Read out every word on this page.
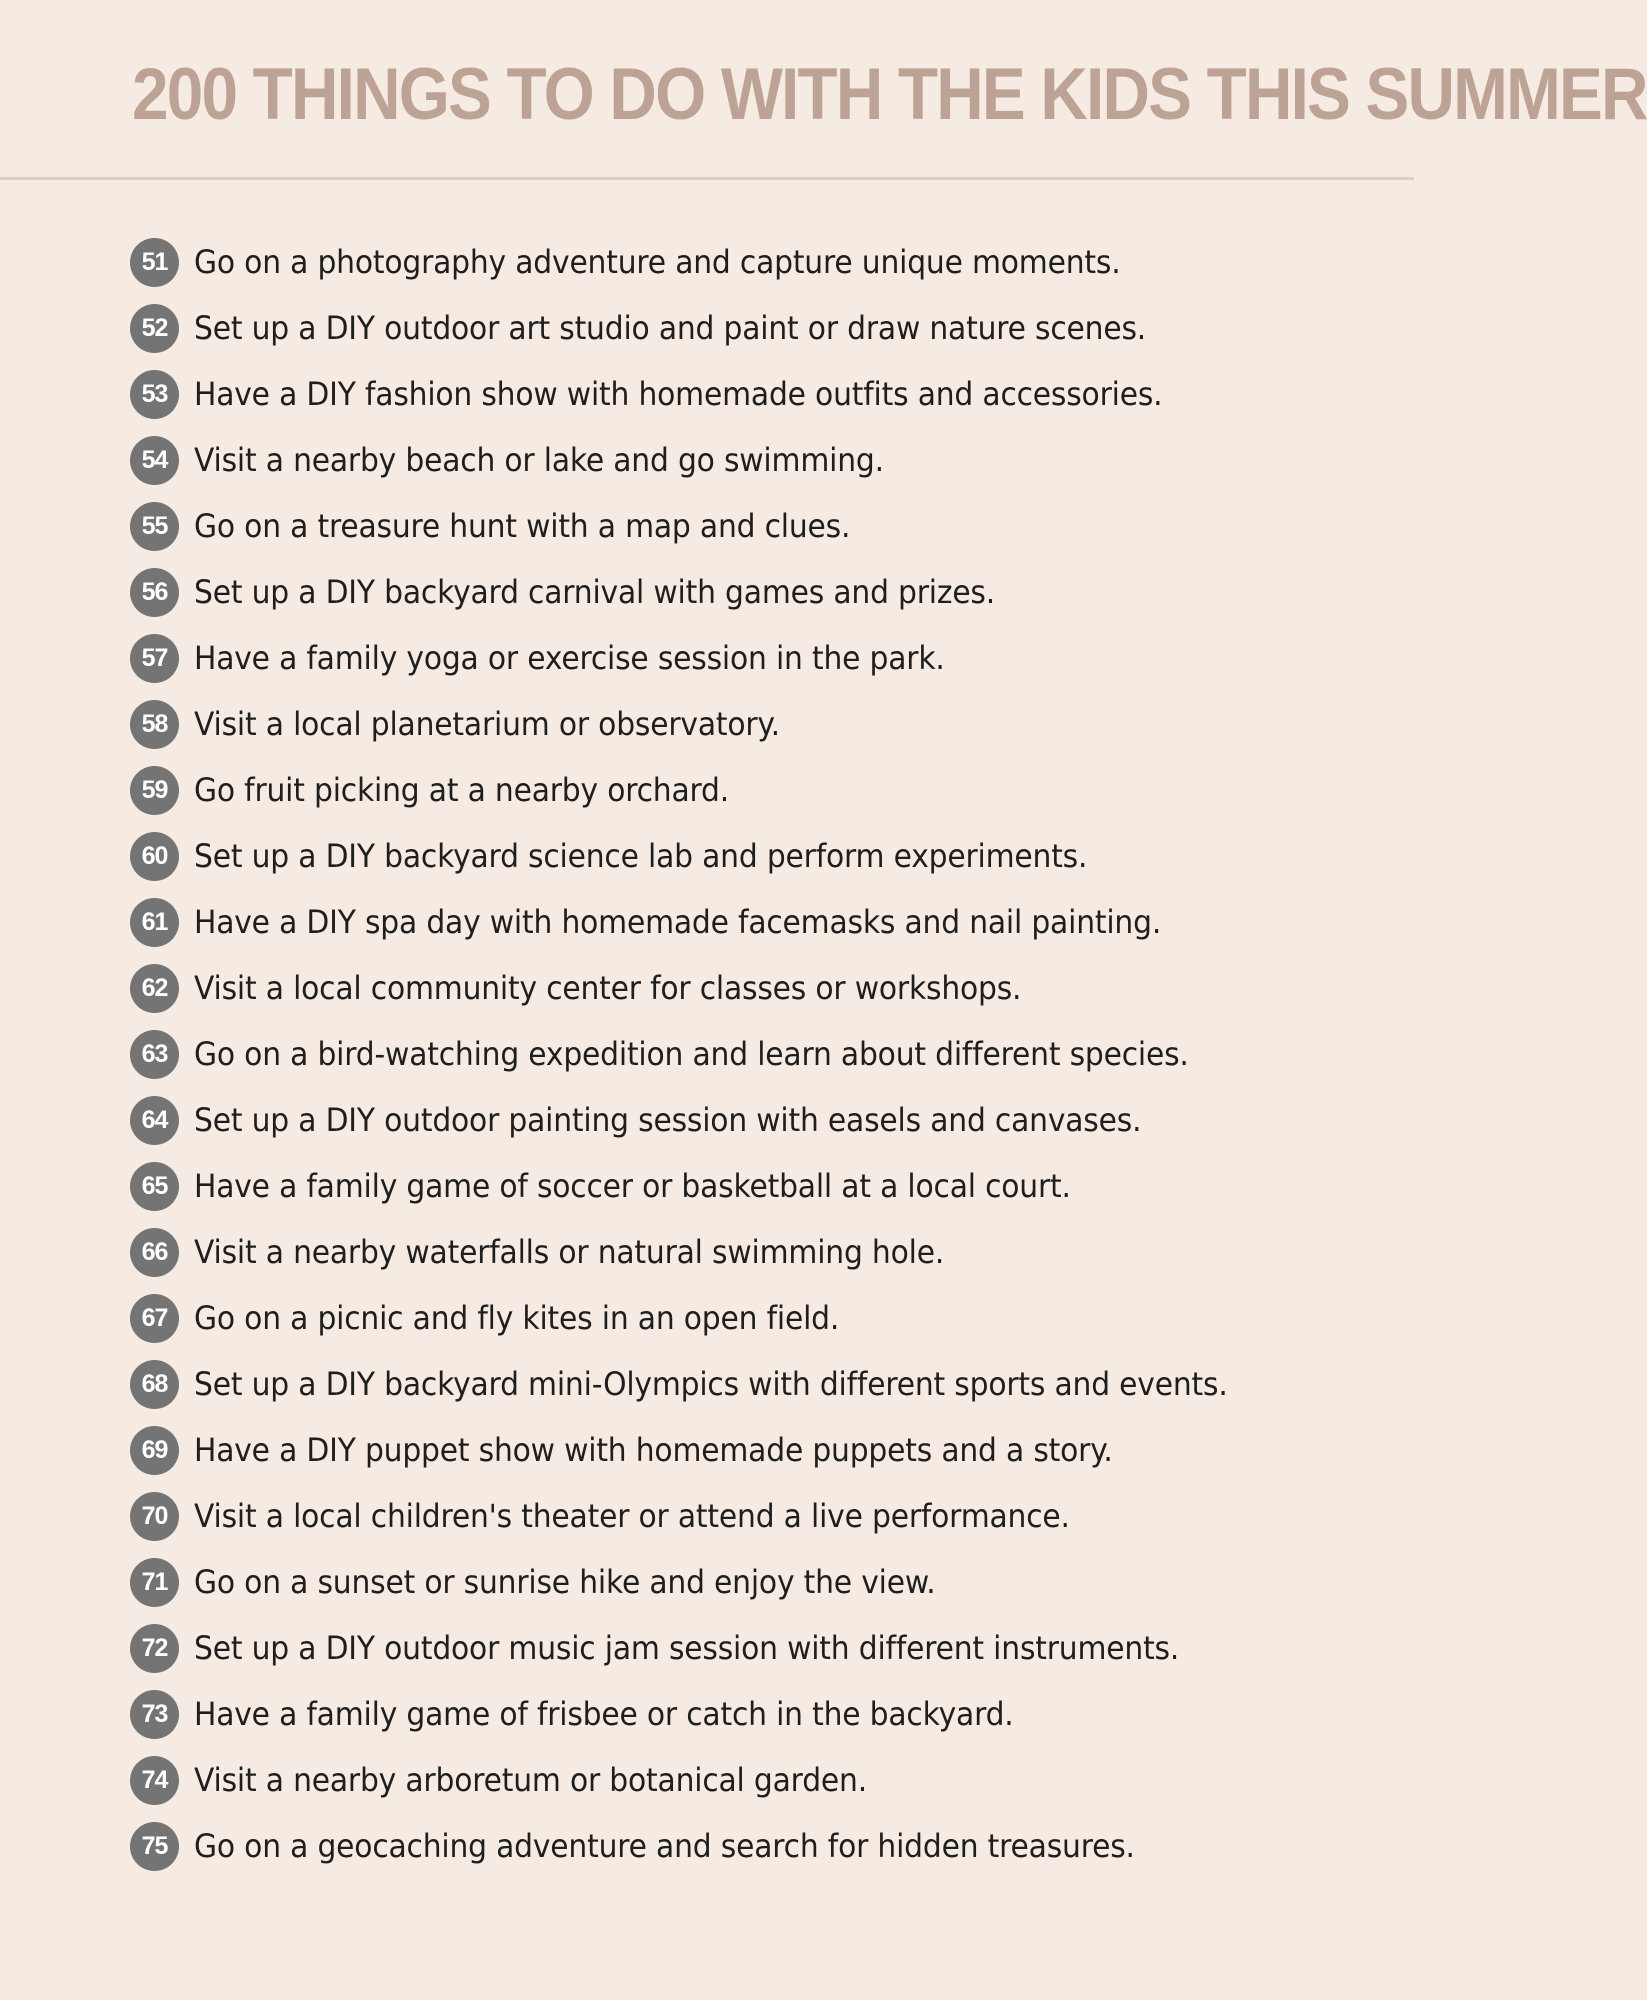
200 THINGS TO DO WITH THE KIDS THIS SUMMER
51 Go on a photography adventure and capture unique moments.
52 Set up a DIY outdoor art studio and paint or draw nature scenes.
53 Have a DIY fashion show with homemade outfits and accessories.
54 Visit a nearby beach or lake and go swimming.
55 Go on a treasure hunt with a map and clues.
56 Set up a DIY backyard carnival with games and prizes.
57 Have a family yoga or exercise session in the park.
58 Visit a local planetarium or observatory.
59 Go fruit picking at a nearby orchard.
60 Set up a DIY backyard science lab and perform experiments.
61 Have a DIY spa day with homemade facemasks and nail painting.
62 Visit a local community center for classes or workshops.
63 Go on a bird-watching expedition and learn about different species.
64 Set up a DIY outdoor painting session with easels and canvases.
65 Have a family game of soccer or basketball at a local court.
66 Visit a nearby waterfalls or natural swimming hole.
67 Go on a picnic and fly kites in an open field.
68 Set up a DIY backyard mini-Olympics with different sports and events.
69 Have a DIY puppet show with homemade puppets and a story.
70 Visit a local children's theater or attend a live performance.
71 Go on a sunset or sunrise hike and enjoy the view.
72 Set up a DIY outdoor music jam session with different instruments.
73 Have a family game of frisbee or catch in the backyard.
74 Visit a nearby arboretum or botanical garden.
75 Go on a geocaching adventure and search for hidden treasures.
